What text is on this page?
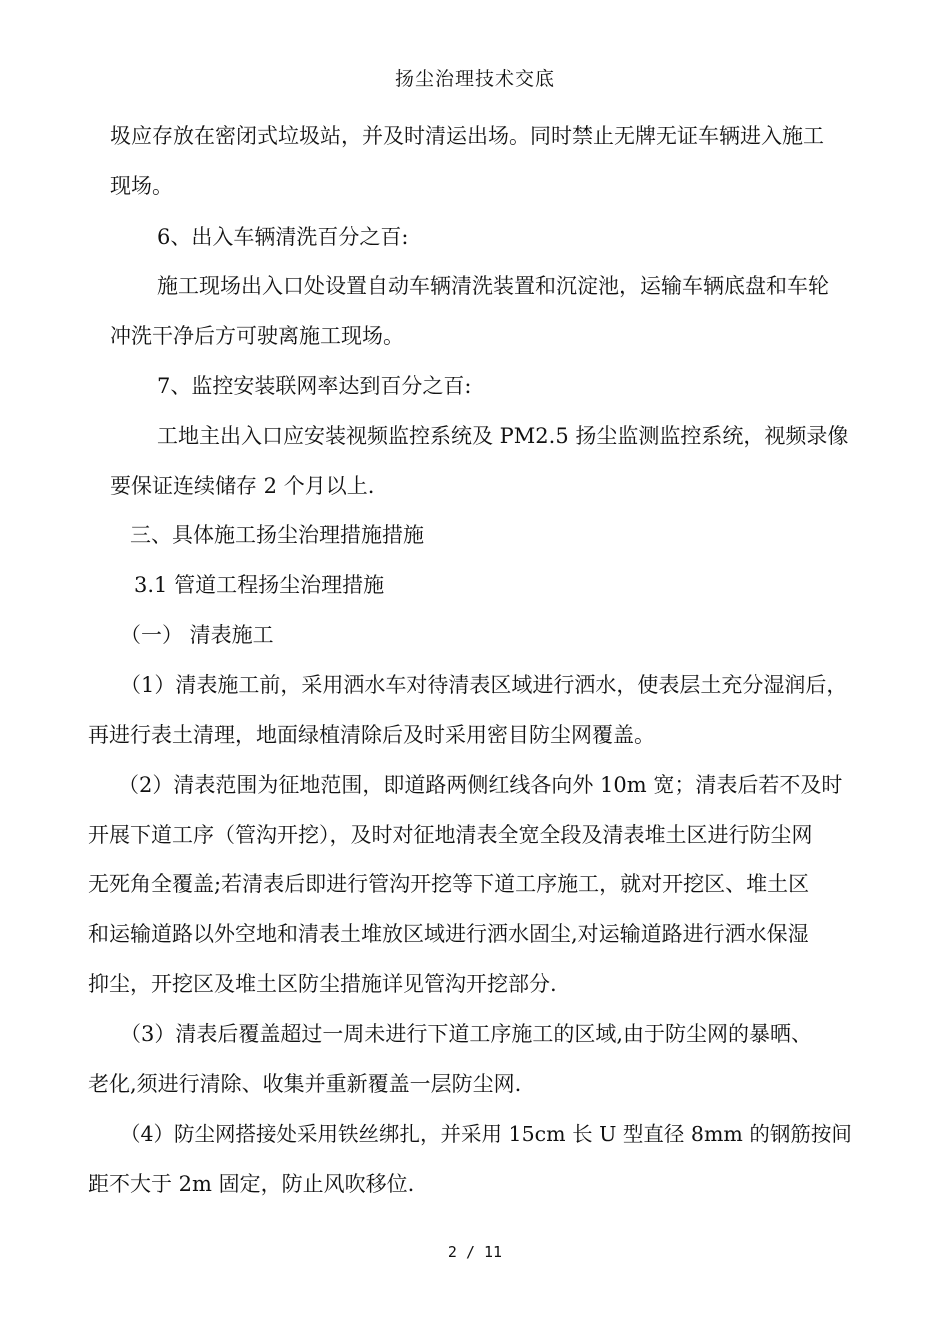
扬尘治理技术交底
圾应存放在密闭式垃圾站，并及时清运出场。同时禁止无牌无证车辆进入施工
现场。
6、出入车辆清洗百分之百:
施工现场出入口处设置自动车辆清洗装置和沉淀池，运输车辆底盘和车轮
冲洗干净后方可驶离施工现场。
7、监控安装联网率达到百分之百:
工地主出入口应安装视频监控系统及 PM2.5 扬尘监测监控系统，视频录像
要保证连续储存 2 个月以上.
三、具体施工扬尘治理措施措施
3.1 管道工程扬尘治理措施
（一） 清表施工
（1）清表施工前，采用洒水车对待清表区域进行洒水，使表层土充分湿润后，
再进行表土清理，地面绿植清除后及时采用密目防尘网覆盖。
（2）清表范围为征地范围，即道路两侧红线各向外 10m 宽；清表后若不及时
开展下道工序（管沟开挖），及时对征地清表全宽全段及清表堆土区进行防尘网
无死角全覆盖;若清表后即进行管沟开挖等下道工序施工，就对开挖区、堆土区
和运输道路以外空地和清表土堆放区域进行洒水固尘,对运输道路进行洒水保湿
抑尘，开挖区及堆土区防尘措施详见管沟开挖部分.
（3）清表后覆盖超过一周未进行下道工序施工的区域,由于防尘网的暴晒、
老化,须进行清除、收集并重新覆盖一层防尘网.
（4）防尘网搭接处采用铁丝绑扎，并采用 15cm 长 U 型直径 8mm 的钢筋按间
距不大于 2m 固定，防止风吹移位.
2 / 11
